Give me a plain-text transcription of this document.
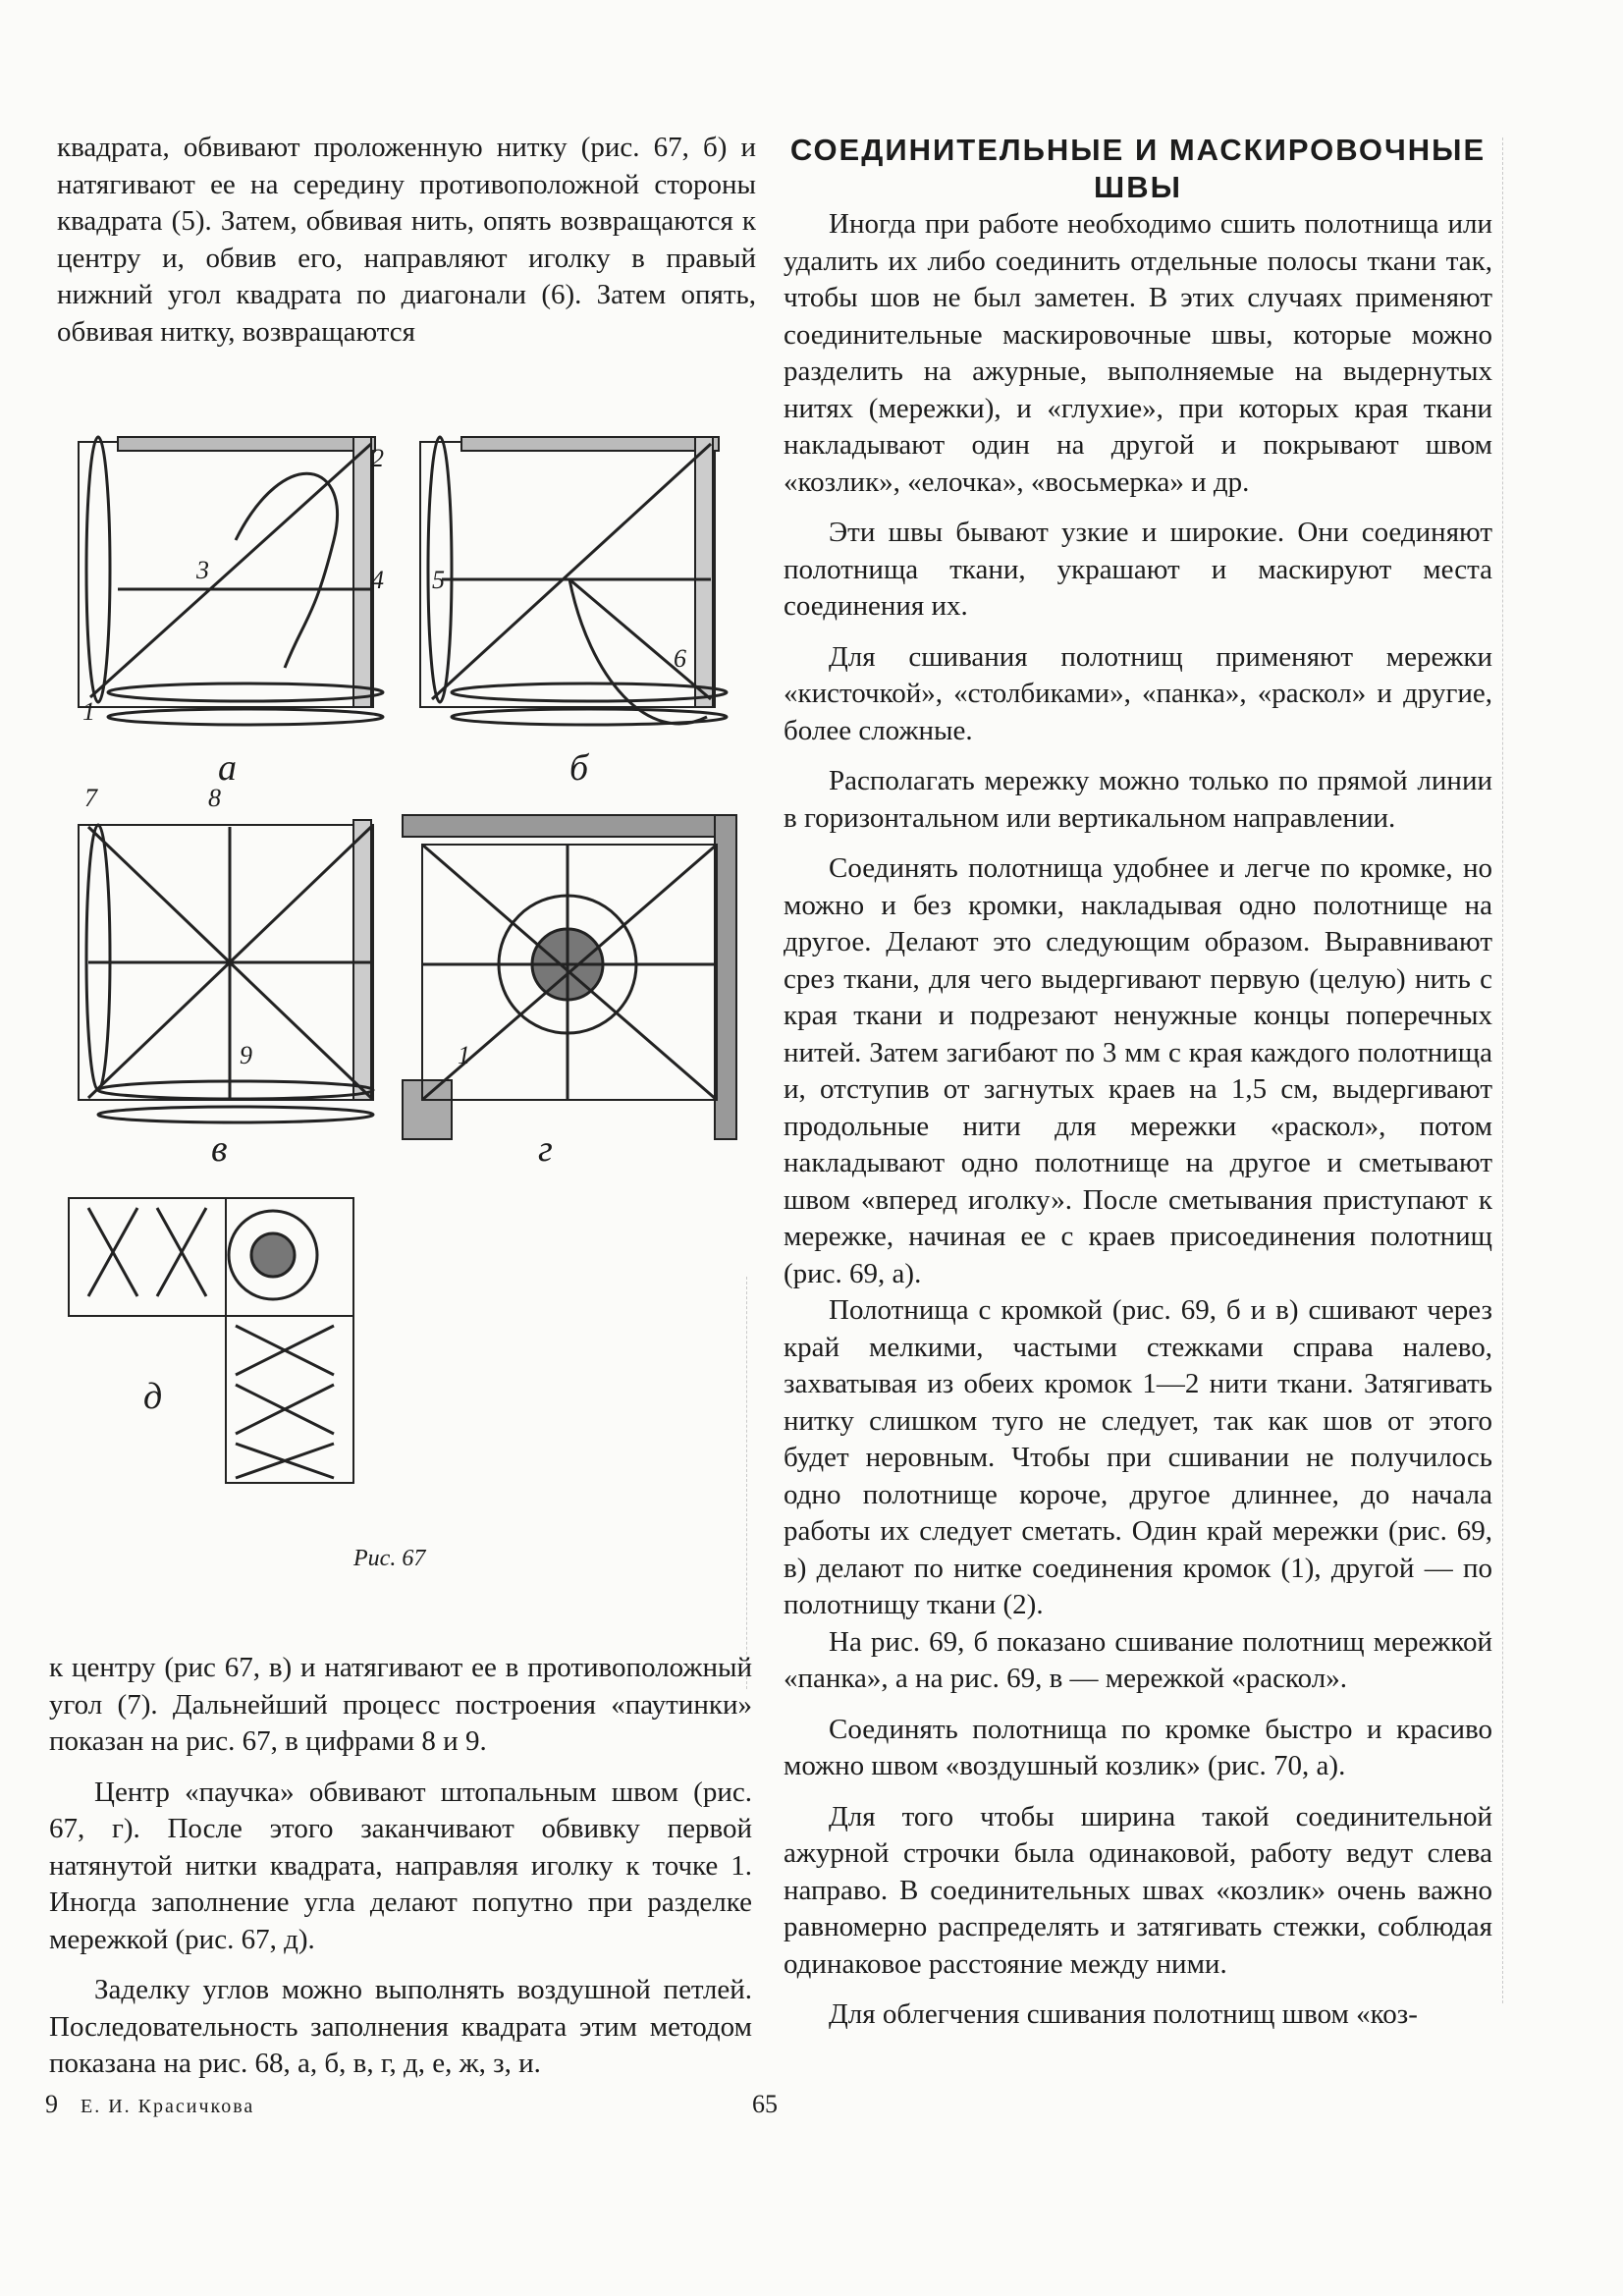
квадрата, обвивают проложенную нитку (рис. 67, б) и натягивают ее на середину противоположной стороны квадрата (5). Затем, обвивая нить, опять возвращаются к центру и, обвив его, направляют иголку в правый нижний угол квадрата по диагонали (6). Затем опять, обвивая нитку, возвращаются

а	б
в	г
д
1
2
3	4 5
6
7	8
9	1
Рис. 67

к центру (рис 67, в) и натягивают ее в противоположный угол (7). Дальнейший процесс построения «паутинки» показан на рис. 67, в цифрами 8 и 9.

Центр «паучка» обвивают штопальным швом (рис. 67, г). После этого заканчивают обвивку первой натянутой нитки квадрата, направляя иголку к точке 1. Иногда заполнение угла делают попутно при разделке мережкой (рис. 67, д).

Заделку углов можно выполнять воздушной петлей. Последовательность заполнения квадрата этим методом показана на рис. 68, а, б, в, г, д, е, ж, з, и.

СОЕДИНИТЕЛЬНЫЕ И МАСКИРОВОЧНЫЕ ШВЫ

Иногда при работе необходимо сшить полотнища или удалить их либо соединить отдельные полосы ткани так, чтобы шов не был заметен. В этих случаях применяют соединительные маскировочные швы, которые можно разделить на ажурные, выполняемые на выдернутых нитях (мережки), и «глухие», при которых края ткани накладывают один на другой и покрывают швом «козлик», «елочка», «восьмерка» и др.

Эти швы бывают узкие и широкие. Они соединяют полотнища ткани, украшают и маскируют места соединения их.

Для сшивания полотнищ применяют мережки «кисточкой», «столбиками», «панка», «раскол» и другие, более сложные.

Располагать мережку можно только по прямой линии в горизонтальном или вертикальном направлении.

Соединять полотнища удобнее и легче по кромке, но можно и без кромки, накладывая одно полотнище на другое. Делают это следующим образом. Выравнивают срез ткани, для чего выдергивают первую (целую) нить с края ткани и подрезают ненужные концы поперечных нитей. Затем загибают по 3 мм с края каждого полотнища и, отступив от загнутых краев на 1,5 см, выдергивают продольные нити для мережки «раскол», потом накладывают одно полотнище на другое и сметывают швом «вперед иголку». После сметывания приступают к мережке, начиная ее с краев присоединения полотнищ (рис. 69, а).

Полотнища с кромкой (рис. 69, б и в) сшивают через край мелкими, частыми стежками справа налево, захватывая из обеих кромок 1—2 нити ткани. Затягивать нитку слишком туго не следует, так как шов от этого будет неровным. Чтобы при сшивании не получилось одно полотнище короче, другое длиннее, до начала работы их следует сметать. Один край мережки (рис. 69, в) делают по нитке соединения кромок (1), другой — по полотнищу ткани (2).

На рис. 69, б показано сшивание полотнищ мережкой «панка», а на рис. 69, в — мережкой «раскол».

Соединять полотнища по кромке быстро и красиво можно швом «воздушный козлик» (рис. 70, а).

Для того чтобы ширина такой соединительной ажурной строчки была одинаковой, работу ведут слева направо. В соединительных швах «козлик» очень важно равномерно распределять и затягивать стежки, соблюдая одинаковое расстояние между ними.

Для облегчения сшивания полотнищ швом «коз-

9 Е. И. Красичкова	65
